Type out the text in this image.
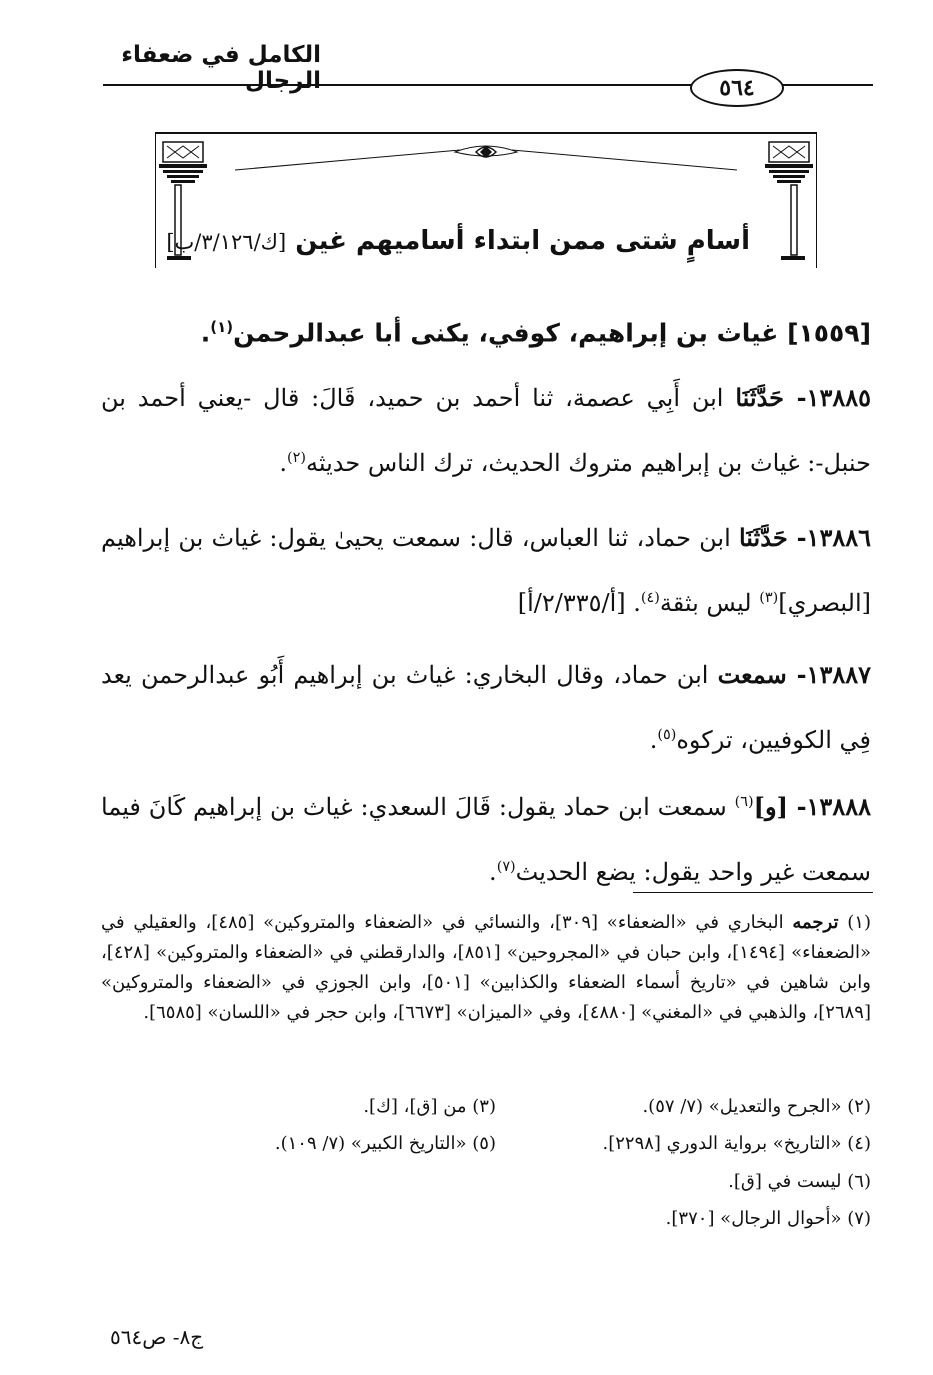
الكامل في ضعفاء الرجال	٥٦٤
أسامٍ شتى ممن ابتداء أساميهم غين [ك/٣/١٢٦/ب]
[١٥٥٩] غياث بن إبراهيم، كوفي، يكنى أبا عبدالرحمن$^{(١)}$.
١٣٨٨٥- حَدَّثَنَا ابن أَبِي عصمة، ثنا أحمد بن حميد، قَالَ: قال -يعني أحمد بن حنبل-: غياث بن إبراهيم متروك الحديث، ترك الناس حديثه$^{(٢)}$.
١٣٨٨٦- حَدَّثَنَا ابن حماد، ثنا العباس، قال: سمعت يحيىٰ يقول: غياث بن إبراهيم [البصري]$^{(٣)}$ ليس بثقة$^{(٤)}$. [أ/٢/٣٣٥/أ]
١٣٨٨٧- سمعت ابن حماد، وقال البخاري: غياث بن إبراهيم أَبُو عبدالرحمن يعد فِي الكوفيين، تركوه$^{(٥)}$.
١٣٨٨٨- [و]$^{(٦)}$ سمعت ابن حماد يقول: قَالَ السعدي: غياث بن إبراهيم كَانَ فيما سمعت غير واحد يقول: يضع الحديث$^{(٧)}$.
(١) ترجمه البخاري في «الضعفاء» [٣٠٩]، والنسائي في «الضعفاء والمتروكين» [٤٨٥]، والعقيلي في «الضعفاء» [١٤٩٤]، وابن حبان في «المجروحين» [٨٥١]، والدارقطني في «الضعفاء والمتروكين» [٤٢٨]، وابن شاهين في «تاريخ أسماء الضعفاء والكذابين» [٥٠١]، وابن الجوزي في «الضعفاء والمتروكين» [٢٦٨٩]، والذهبي في «المغني» [٤٨٨٠]، وفي «الميزان» [٦٦٧٣]، وابن حجر في «اللسان» [٦٥٨٥].
(٢) «الجرح والتعديل» (٧/ ٥٧).
(٣) من [ق]، [ك].
(٤) «التاريخ» برواية الدوري [٢٢٩٨].
(٥) «التاريخ الكبير» (٧/ ١٠٩).
(٦) ليست في [ق].
(٧) «أحوال الرجال» [٣٧٠].
ج٨- ص٥٦٤
